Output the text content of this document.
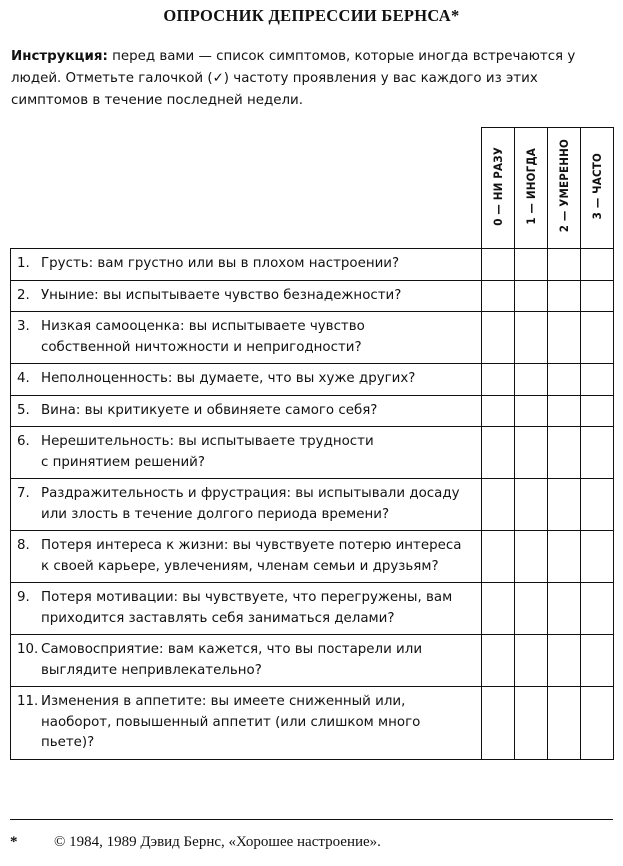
ОПРОСНИК ДЕПРЕССИИ БЕРНСА*
Инструкция: перед вами — список симптомов, которые иногда встречаются у людей. Отметьте галочкой (✓) частоту проявления у вас каждого из этих симптомов в течение последней недели.
	0 — НИ РАЗУ	1 — ИНОГДА	2 — УМЕРЕННО	3 — ЧАСТО

1. Грусть: вам грустно или вы в плохом настроении?				

2. Уныние: вы испытываете чувство безнадежности?				

3. Низкая самооценка: вы испытываете чувство
собственной ничтожности и непригодности?				

4. Неполноценность: вы думаете, что вы хуже других?				

5. Вина: вы критикуете и обвиняете самого себя?				

6. Нерешительность: вы испытываете трудности
с принятием решений?				

7. Раздражительность и фрустрация: вы испытывали досаду
или злость в течение долгого периода времени?				

8. Потеря интереса к жизни: вы чувствуете потерю интереса
к своей карьере, увлечениям, членам семьи и друзьям?				

9. Потеря мотивации: вы чувствуете, что перегружены, вам
приходится заставлять себя заниматься делами?				

10. Самовосприятие: вам кажется, что вы постарели или
выглядите непривлекательно?				

11. Изменения в аппетите: вы имеете сниженный или,
наоборот, повышенный аппетит (или слишком много
пьете)?				

* © 1984, 1989 Дэвид Бернс, «Хорошее настроение».
